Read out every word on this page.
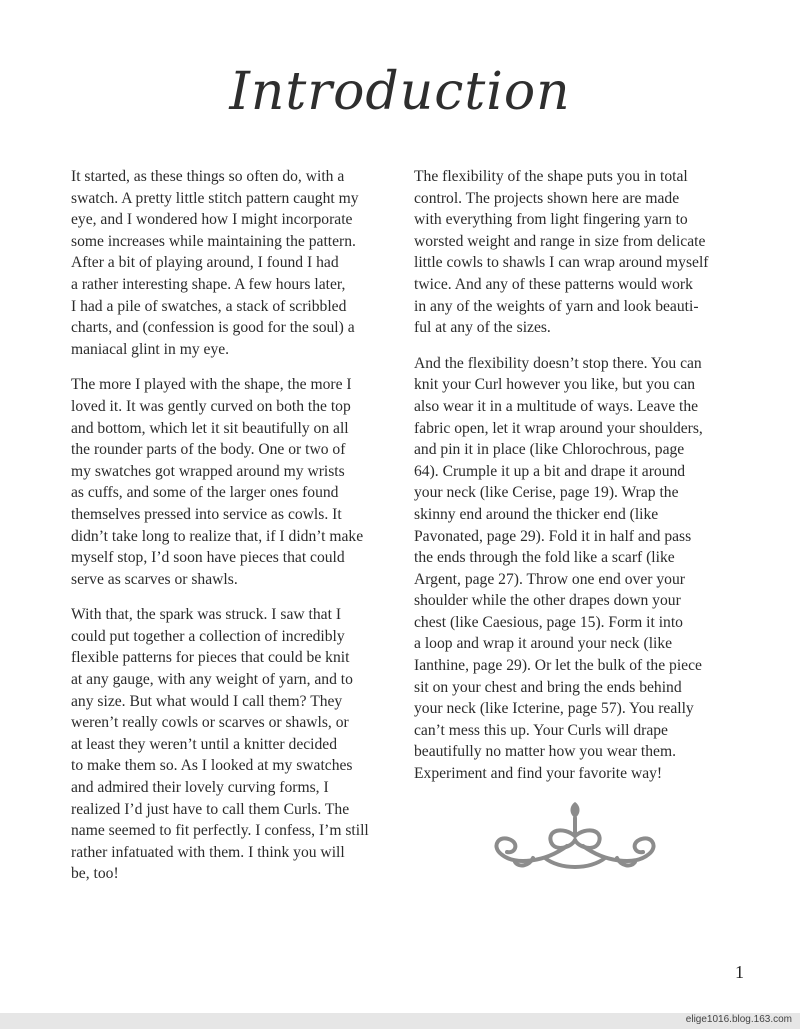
Introduction
It started, as these things so often do, with a
swatch. A pretty little stitch pattern caught my
eye, and I wondered how I might incorporate
some increases while maintaining the pattern.
After a bit of playing around, I found I had
a rather interesting shape. A few hours later,
I had a pile of swatches, a stack of scribbled
charts, and (confession is good for the soul) a
maniacal glint in my eye.
The more I played with the shape, the more I
loved it. It was gently curved on both the top
and bottom, which let it sit beautifully on all
the rounder parts of the body. One or two of
my swatches got wrapped around my wrists
as cuffs, and some of the larger ones found
themselves pressed into service as cowls. It
didn’t take long to realize that, if I didn’t make
myself stop, I’d soon have pieces that could
serve as scarves or shawls.
With that, the spark was struck. I saw that I
could put together a collection of incredibly
flexible patterns for pieces that could be knit
at any gauge, with any weight of yarn, and to
any size. But what would I call them? They
weren’t really cowls or scarves or shawls, or
at least they weren’t until a knitter decided
to make them so. As I looked at my swatches
and admired their lovely curving forms, I
realized I’d just have to call them Curls. The
name seemed to fit perfectly. I confess, I’m still
rather infatuated with them. I think you will
be, too!
The flexibility of the shape puts you in total
control. The projects shown here are made
with everything from light fingering yarn to
worsted weight and range in size from delicate
little cowls to shawls I can wrap around myself
twice. And any of these patterns would work
in any of the weights of yarn and look beauti-
ful at any of the sizes.
And the flexibility doesn’t stop there. You can
knit your Curl however you like, but you can
also wear it in a multitude of ways. Leave the
fabric open, let it wrap around your shoulders,
and pin it in place (like Chlorochrous, page
64). Crumple it up a bit and drape it around
your neck (like Cerise, page 19). Wrap the
skinny end around the thicker end (like
Pavonated, page 29). Fold it in half and pass
the ends through the fold like a scarf (like
Argent, page 27). Throw one end over your
shoulder while the other drapes down your
chest (like Caesious, page 15). Form it into
a loop and wrap it around your neck (like
Ianthine, page 29). Or let the bulk of the piece
sit on your chest and bring the ends behind
your neck (like Icterine, page 57). You really
can’t mess this up. Your Curls will drape
beautifully no matter how you wear them.
Experiment and find your favorite way!
1
elige1016.blog.163.com
